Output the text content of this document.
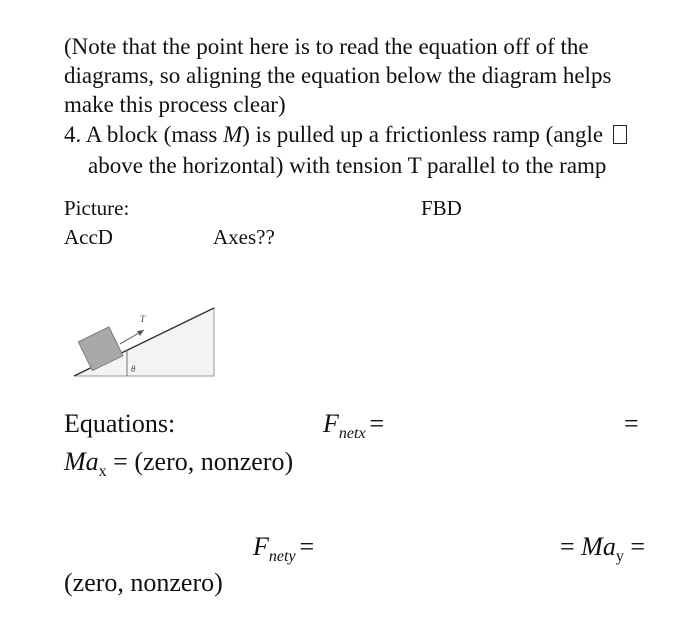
(Note that the point here is to read the equation off of the diagrams, so aligning the equation below the diagram helps make this process clear)
4. A block (mass M) is pulled up a frictionless ramp (angle
above the horizontal) with tension T parallel to the ramp
Picture:	FBD
AccD	Axes??
T
θ
Equations:	$F_{netx}$ =	=
$Ma_x$ = (zero, nonzero)
$F_{nety}$ =	= $Ma_y$ =
(zero, nonzero)
